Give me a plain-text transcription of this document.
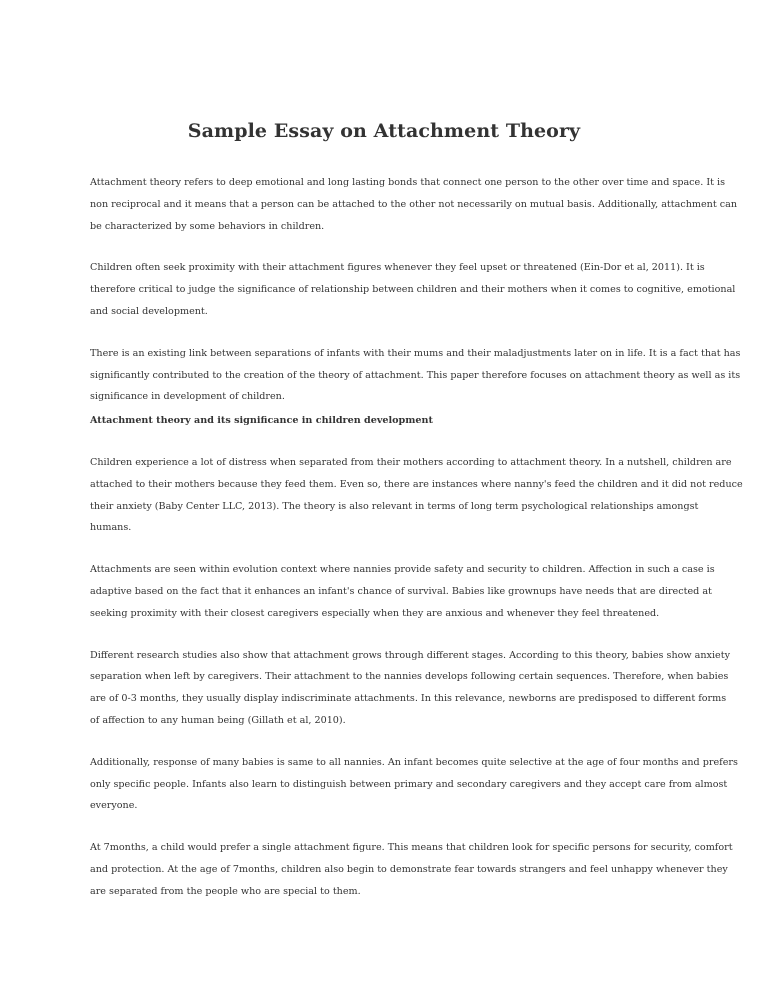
Sample Essay on Attachment Theory

Attachment theory refers to deep emotional and long lasting bonds that connect one person to the other over time and space. It is
non reciprocal and it means that a person can be attached to the other not necessarily on mutual basis. Additionally, attachment can
be characterized by some behaviors in children.

Children often seek proximity with their attachment figures whenever they feel upset or threatened (Ein-Dor et al, 2011). It is
therefore critical to judge the significance of relationship between children and their mothers when it comes to cognitive, emotional
and social development.

There is an existing link between separations of infants with their mums and their maladjustments later on in life. It is a fact that has
significantly contributed to the creation of the theory of attachment. This paper therefore focuses on attachment theory as well as its
significance in development of children.

Attachment theory and its significance in children development

Children experience a lot of distress when separated from their mothers according to attachment theory. In a nutshell, children are
attached to their mothers because they feed them. Even so, there are instances where nanny's feed the children and it did not reduce
their anxiety (Baby Center LLC, 2013). The theory is also relevant in terms of long term psychological relationships amongst
humans.

Attachments are seen within evolution context where nannies provide safety and security to children. Affection in such a case is
adaptive based on the fact that it enhances an infant's chance of survival. Babies like grownups have needs that are directed at
seeking proximity with their closest caregivers especially when they are anxious and whenever they feel threatened.

Different research studies also show that attachment grows through different stages. According to this theory, babies show anxiety
separation when left by caregivers. Their attachment to the nannies develops following certain sequences. Therefore, when babies
are of 0-3 months, they usually display indiscriminate attachments. In this relevance, newborns are predisposed to different forms
of affection to any human being (Gillath et al, 2010).

Additionally, response of many babies is same to all nannies. An infant becomes quite selective at the age of four months and prefers
only specific people. Infants also learn to distinguish between primary and secondary caregivers and they accept care from almost
everyone.

At 7months, a child would prefer a single attachment figure. This means that children look for specific persons for security, comfort
and protection. At the age of 7months, children also begin to demonstrate fear towards strangers and feel unhappy whenever they
are separated from the people who are special to them.
